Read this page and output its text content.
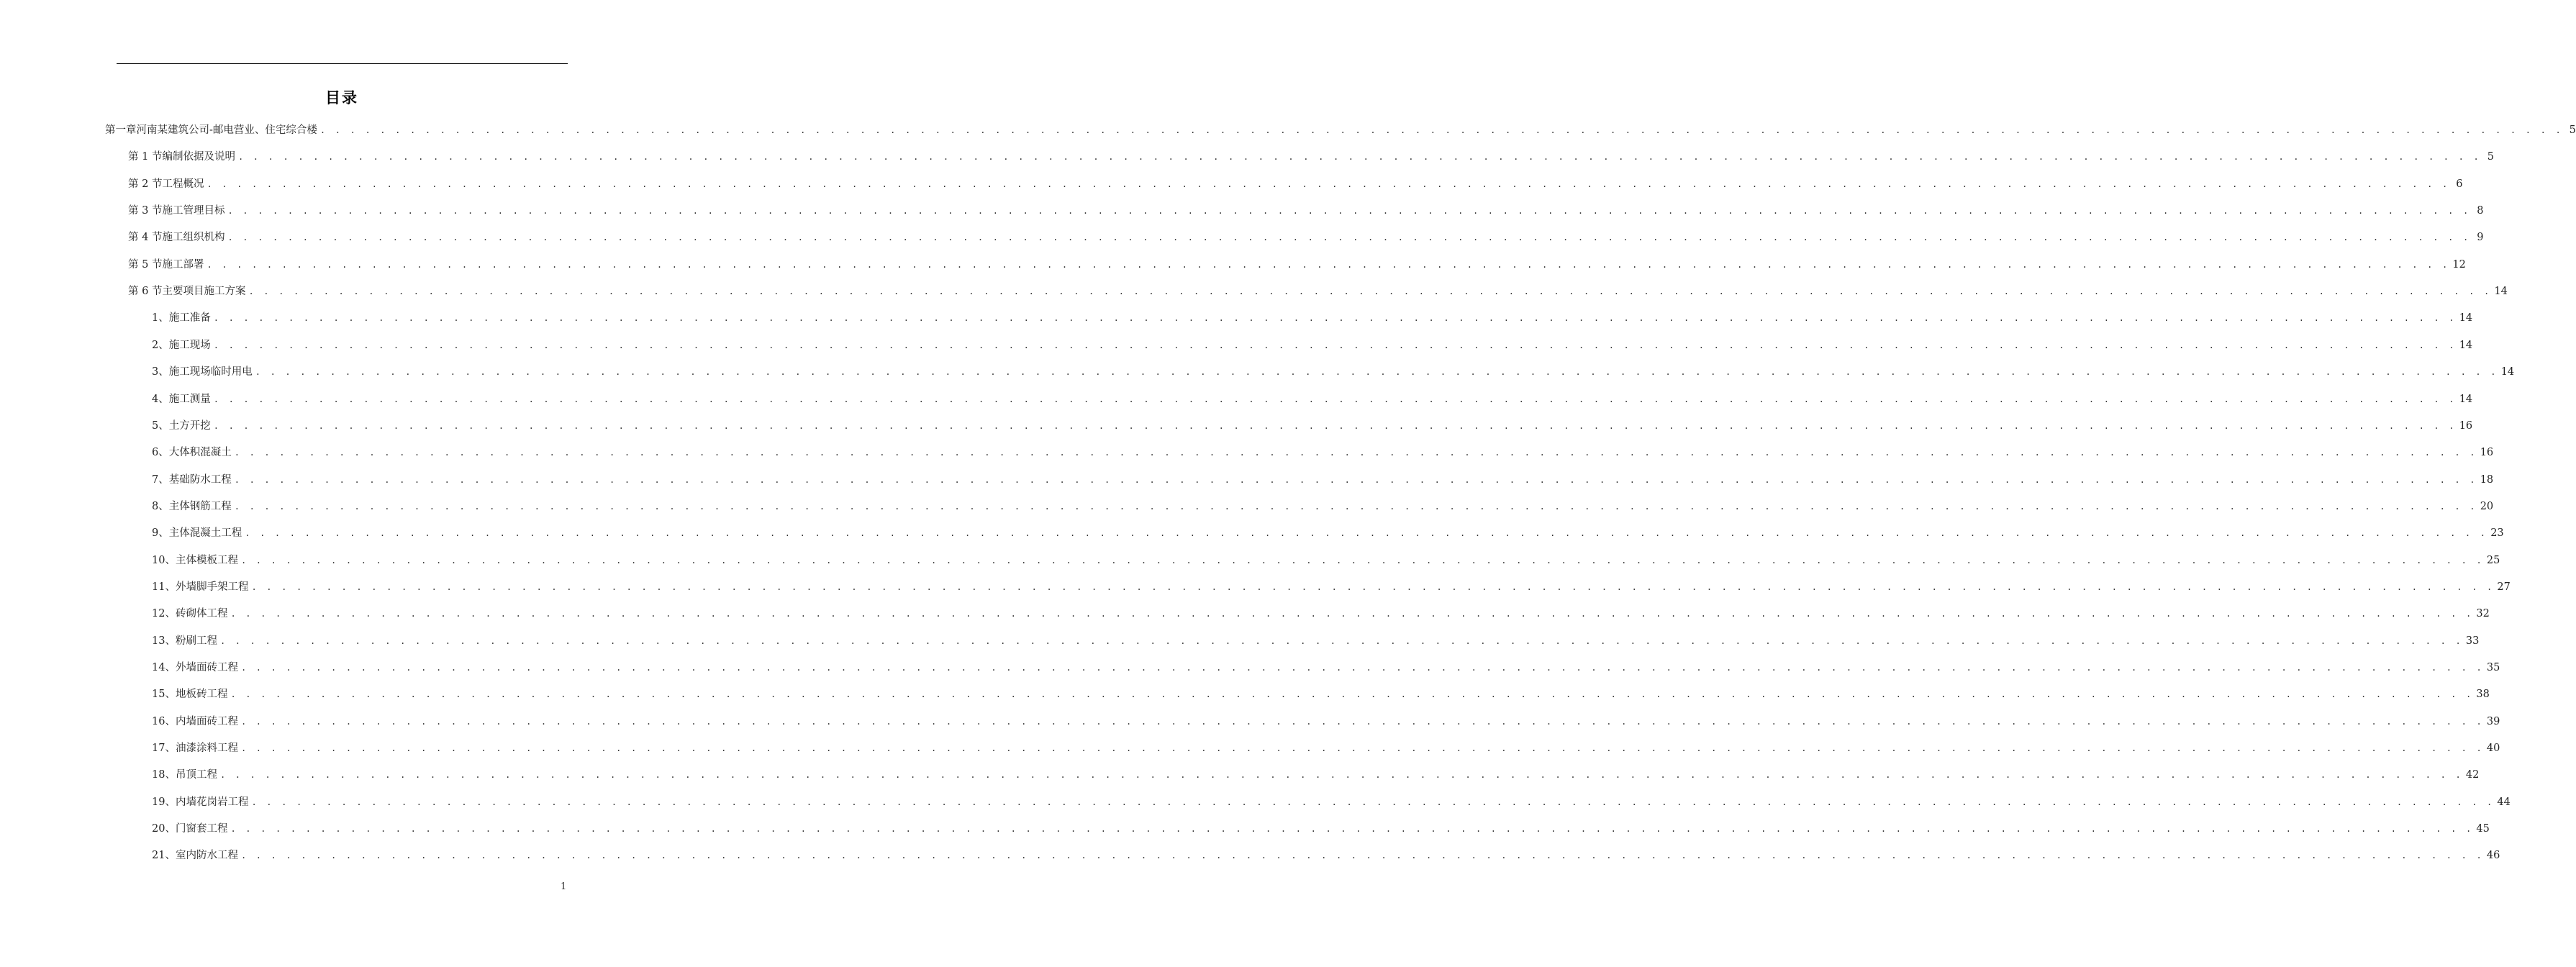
目录
第一章 河南某建筑公司-邮电营业、住宅综合楼 . . . . . . . . . . . . . . . . . . . . . . . . . . . . . . . . . . . . . . . . . . . . . . . . . . . . . . . . . . . . . . . . . . . . . . . . . . . . . . . . . . . . . . . . . . . . . . . . . . . . . . . . . . . . . . . . . . . . . . . . . . . . . . . . . . . . . . . . . . . . . . . . . . . . . . 5
第 1 节 编制依据及说明 . . . . . . . . . . . . . . . . . . . . . . . . . . . . . . . . . . . . . . . . . . . . . . . . . . . . . . . . . . . . . . . . . . . . . . . . . . . . . . . . . . . . . . . . . . . . . . . . . . . . . . . . . . . . . . . . . . . . . . . . . . . . . . . . . . . . . . . . . . . . . . . . . . . . . . 5
第 2 节 工程概况 . . . . . . . . . . . . . . . . . . . . . . . . . . . . . . . . . . . . . . . . . . . . . . . . . . . . . . . . . . . . . . . . . . . . . . . . . . . . . . . . . . . . . . . . . . . . . . . . . . . . . . . . . . . . . . . . . . . . . . . . . . . . . . . . . . . . . . . . . . . . . . . . . . . . . . 6
第 3 节 施工管理目标 . . . . . . . . . . . . . . . . . . . . . . . . . . . . . . . . . . . . . . . . . . . . . . . . . . . . . . . . . . . . . . . . . . . . . . . . . . . . . . . . . . . . . . . . . . . . . . . . . . . . . . . . . . . . . . . . . . . . . . . . . . . . . . . . . . . . . . . . . . . . . . . . . . . . . . 8
第 4 节 施工组织机构 . . . . . . . . . . . . . . . . . . . . . . . . . . . . . . . . . . . . . . . . . . . . . . . . . . . . . . . . . . . . . . . . . . . . . . . . . . . . . . . . . . . . . . . . . . . . . . . . . . . . . . . . . . . . . . . . . . . . . . . . . . . . . . . . . . . . . . . . . . . . . . . . . . . . . . 9
第 5 节 施工部署 . . . . . . . . . . . . . . . . . . . . . . . . . . . . . . . . . . . . . . . . . . . . . . . . . . . . . . . . . . . . . . . . . . . . . . . . . . . . . . . . . . . . . . . . . . . . . . . . . . . . . . . . . . . . . . . . . . . . . . . . . . . . . . . . . . . . . . . . . . . . . . . . . . . . . . 12
第 6 节 主要项目施工方案 . . . . . . . . . . . . . . . . . . . . . . . . . . . . . . . . . . . . . . . . . . . . . . . . . . . . . . . . . . . . . . . . . . . . . . . . . . . . . . . . . . . . . . . . . . . . . . . . . . . . . . . . . . . . . . . . . . . . . . . . . . . . . . . . . . . . . . . . . . . . . . . . . . . . . . 14
1、 施工准备 . . . . . . . . . . . . . . . . . . . . . . . . . . . . . . . . . . . . . . . . . . . . . . . . . . . . . . . . . . . . . . . . . . . . . . . . . . . . . . . . . . . . . . . . . . . . . . . . . . . . . . . . . . . . . . . . . . . . . . . . . . . . . . . . . . . . . . . . . . . . . . . . . . . . . . 14
2、 施工现场 . . . . . . . . . . . . . . . . . . . . . . . . . . . . . . . . . . . . . . . . . . . . . . . . . . . . . . . . . . . . . . . . . . . . . . . . . . . . . . . . . . . . . . . . . . . . . . . . . . . . . . . . . . . . . . . . . . . . . . . . . . . . . . . . . . . . . . . . . . . . . . . . . . . . . . 14
3、 施工现场临时用电 . . . . . . . . . . . . . . . . . . . . . . . . . . . . . . . . . . . . . . . . . . . . . . . . . . . . . . . . . . . . . . . . . . . . . . . . . . . . . . . . . . . . . . . . . . . . . . . . . . . . . . . . . . . . . . . . . . . . . . . . . . . . . . . . . . . . . . . . . . . . . . . . . . . . . . 14
4、 施工测量 . . . . . . . . . . . . . . . . . . . . . . . . . . . . . . . . . . . . . . . . . . . . . . . . . . . . . . . . . . . . . . . . . . . . . . . . . . . . . . . . . . . . . . . . . . . . . . . . . . . . . . . . . . . . . . . . . . . . . . . . . . . . . . . . . . . . . . . . . . . . . . . . . . . . . . 14
5、 土方开挖 . . . . . . . . . . . . . . . . . . . . . . . . . . . . . . . . . . . . . . . . . . . . . . . . . . . . . . . . . . . . . . . . . . . . . . . . . . . . . . . . . . . . . . . . . . . . . . . . . . . . . . . . . . . . . . . . . . . . . . . . . . . . . . . . . . . . . . . . . . . . . . . . . . . . . . 16
6、 大体积混凝土 . . . . . . . . . . . . . . . . . . . . . . . . . . . . . . . . . . . . . . . . . . . . . . . . . . . . . . . . . . . . . . . . . . . . . . . . . . . . . . . . . . . . . . . . . . . . . . . . . . . . . . . . . . . . . . . . . . . . . . . . . . . . . . . . . . . . . . . . . . . . . . . . . . . . . . 16
7、 基础防水工程 . . . . . . . . . . . . . . . . . . . . . . . . . . . . . . . . . . . . . . . . . . . . . . . . . . . . . . . . . . . . . . . . . . . . . . . . . . . . . . . . . . . . . . . . . . . . . . . . . . . . . . . . . . . . . . . . . . . . . . . . . . . . . . . . . . . . . . . . . . . . . . . . . . . . . . 18
8、 主体钢筋工程 . . . . . . . . . . . . . . . . . . . . . . . . . . . . . . . . . . . . . . . . . . . . . . . . . . . . . . . . . . . . . . . . . . . . . . . . . . . . . . . . . . . . . . . . . . . . . . . . . . . . . . . . . . . . . . . . . . . . . . . . . . . . . . . . . . . . . . . . . . . . . . . . . . . . . . 20
9、 主体混凝土工程 . . . . . . . . . . . . . . . . . . . . . . . . . . . . . . . . . . . . . . . . . . . . . . . . . . . . . . . . . . . . . . . . . . . . . . . . . . . . . . . . . . . . . . . . . . . . . . . . . . . . . . . . . . . . . . . . . . . . . . . . . . . . . . . . . . . . . . . . . . . . . . . . . . . . . . 23
10、 主体模板工程 . . . . . . . . . . . . . . . . . . . . . . . . . . . . . . . . . . . . . . . . . . . . . . . . . . . . . . . . . . . . . . . . . . . . . . . . . . . . . . . . . . . . . . . . . . . . . . . . . . . . . . . . . . . . . . . . . . . . . . . . . . . . . . . . . . . . . . . . . . . . . . . . . . . . . . 25
11、 外墙脚手架工程 . . . . . . . . . . . . . . . . . . . . . . . . . . . . . . . . . . . . . . . . . . . . . . . . . . . . . . . . . . . . . . . . . . . . . . . . . . . . . . . . . . . . . . . . . . . . . . . . . . . . . . . . . . . . . . . . . . . . . . . . . . . . . . . . . . . . . . . . . . . . . . . . . . . . . . 27
12、 砖砌体工程 . . . . . . . . . . . . . . . . . . . . . . . . . . . . . . . . . . . . . . . . . . . . . . . . . . . . . . . . . . . . . . . . . . . . . . . . . . . . . . . . . . . . . . . . . . . . . . . . . . . . . . . . . . . . . . . . . . . . . . . . . . . . . . . . . . . . . . . . . . . . . . . . . . . . . . 32
13、 粉刷工程 . . . . . . . . . . . . . . . . . . . . . . . . . . . . . . . . . . . . . . . . . . . . . . . . . . . . . . . . . . . . . . . . . . . . . . . . . . . . . . . . . . . . . . . . . . . . . . . . . . . . . . . . . . . . . . . . . . . . . . . . . . . . . . . . . . . . . . . . . . . . . . . . . . . . . . 33
14、 外墙面砖工程 . . . . . . . . . . . . . . . . . . . . . . . . . . . . . . . . . . . . . . . . . . . . . . . . . . . . . . . . . . . . . . . . . . . . . . . . . . . . . . . . . . . . . . . . . . . . . . . . . . . . . . . . . . . . . . . . . . . . . . . . . . . . . . . . . . . . . . . . . . . . . . . . . . . . . . 35
15、 地板砖工程 . . . . . . . . . . . . . . . . . . . . . . . . . . . . . . . . . . . . . . . . . . . . . . . . . . . . . . . . . . . . . . . . . . . . . . . . . . . . . . . . . . . . . . . . . . . . . . . . . . . . . . . . . . . . . . . . . . . . . . . . . . . . . . . . . . . . . . . . . . . . . . . . . . . . . . 38
16、 内墙面砖工程 . . . . . . . . . . . . . . . . . . . . . . . . . . . . . . . . . . . . . . . . . . . . . . . . . . . . . . . . . . . . . . . . . . . . . . . . . . . . . . . . . . . . . . . . . . . . . . . . . . . . . . . . . . . . . . . . . . . . . . . . . . . . . . . . . . . . . . . . . . . . . . . . . . . . . . 39
17、 油漆涂料工程 . . . . . . . . . . . . . . . . . . . . . . . . . . . . . . . . . . . . . . . . . . . . . . . . . . . . . . . . . . . . . . . . . . . . . . . . . . . . . . . . . . . . . . . . . . . . . . . . . . . . . . . . . . . . . . . . . . . . . . . . . . . . . . . . . . . . . . . . . . . . . . . . . . . . . . 40
18、 吊顶工程 . . . . . . . . . . . . . . . . . . . . . . . . . . . . . . . . . . . . . . . . . . . . . . . . . . . . . . . . . . . . . . . . . . . . . . . . . . . . . . . . . . . . . . . . . . . . . . . . . . . . . . . . . . . . . . . . . . . . . . . . . . . . . . . . . . . . . . . . . . . . . . . . . . . . . . 42
19、 内墙花岗岩工程 . . . . . . . . . . . . . . . . . . . . . . . . . . . . . . . . . . . . . . . . . . . . . . . . . . . . . . . . . . . . . . . . . . . . . . . . . . . . . . . . . . . . . . . . . . . . . . . . . . . . . . . . . . . . . . . . . . . . . . . . . . . . . . . . . . . . . . . . . . . . . . . . . . . . . . 44
20、 门窗套工程 . . . . . . . . . . . . . . . . . . . . . . . . . . . . . . . . . . . . . . . . . . . . . . . . . . . . . . . . . . . . . . . . . . . . . . . . . . . . . . . . . . . . . . . . . . . . . . . . . . . . . . . . . . . . . . . . . . . . . . . . . . . . . . . . . . . . . . . . . . . . . . . . . . . . . . 45
21、 室内防水工程 . . . . . . . . . . . . . . . . . . . . . . . . . . . . . . . . . . . . . . . . . . . . . . . . . . . . . . . . . . . . . . . . . . . . . . . . . . . . . . . . . . . . . . . . . . . . . . . . . . . . . . . . . . . . . . . . . . . . . . . . . . . . . . . . . . . . . . . . . . . . . . . . . . . . . . 46
1
